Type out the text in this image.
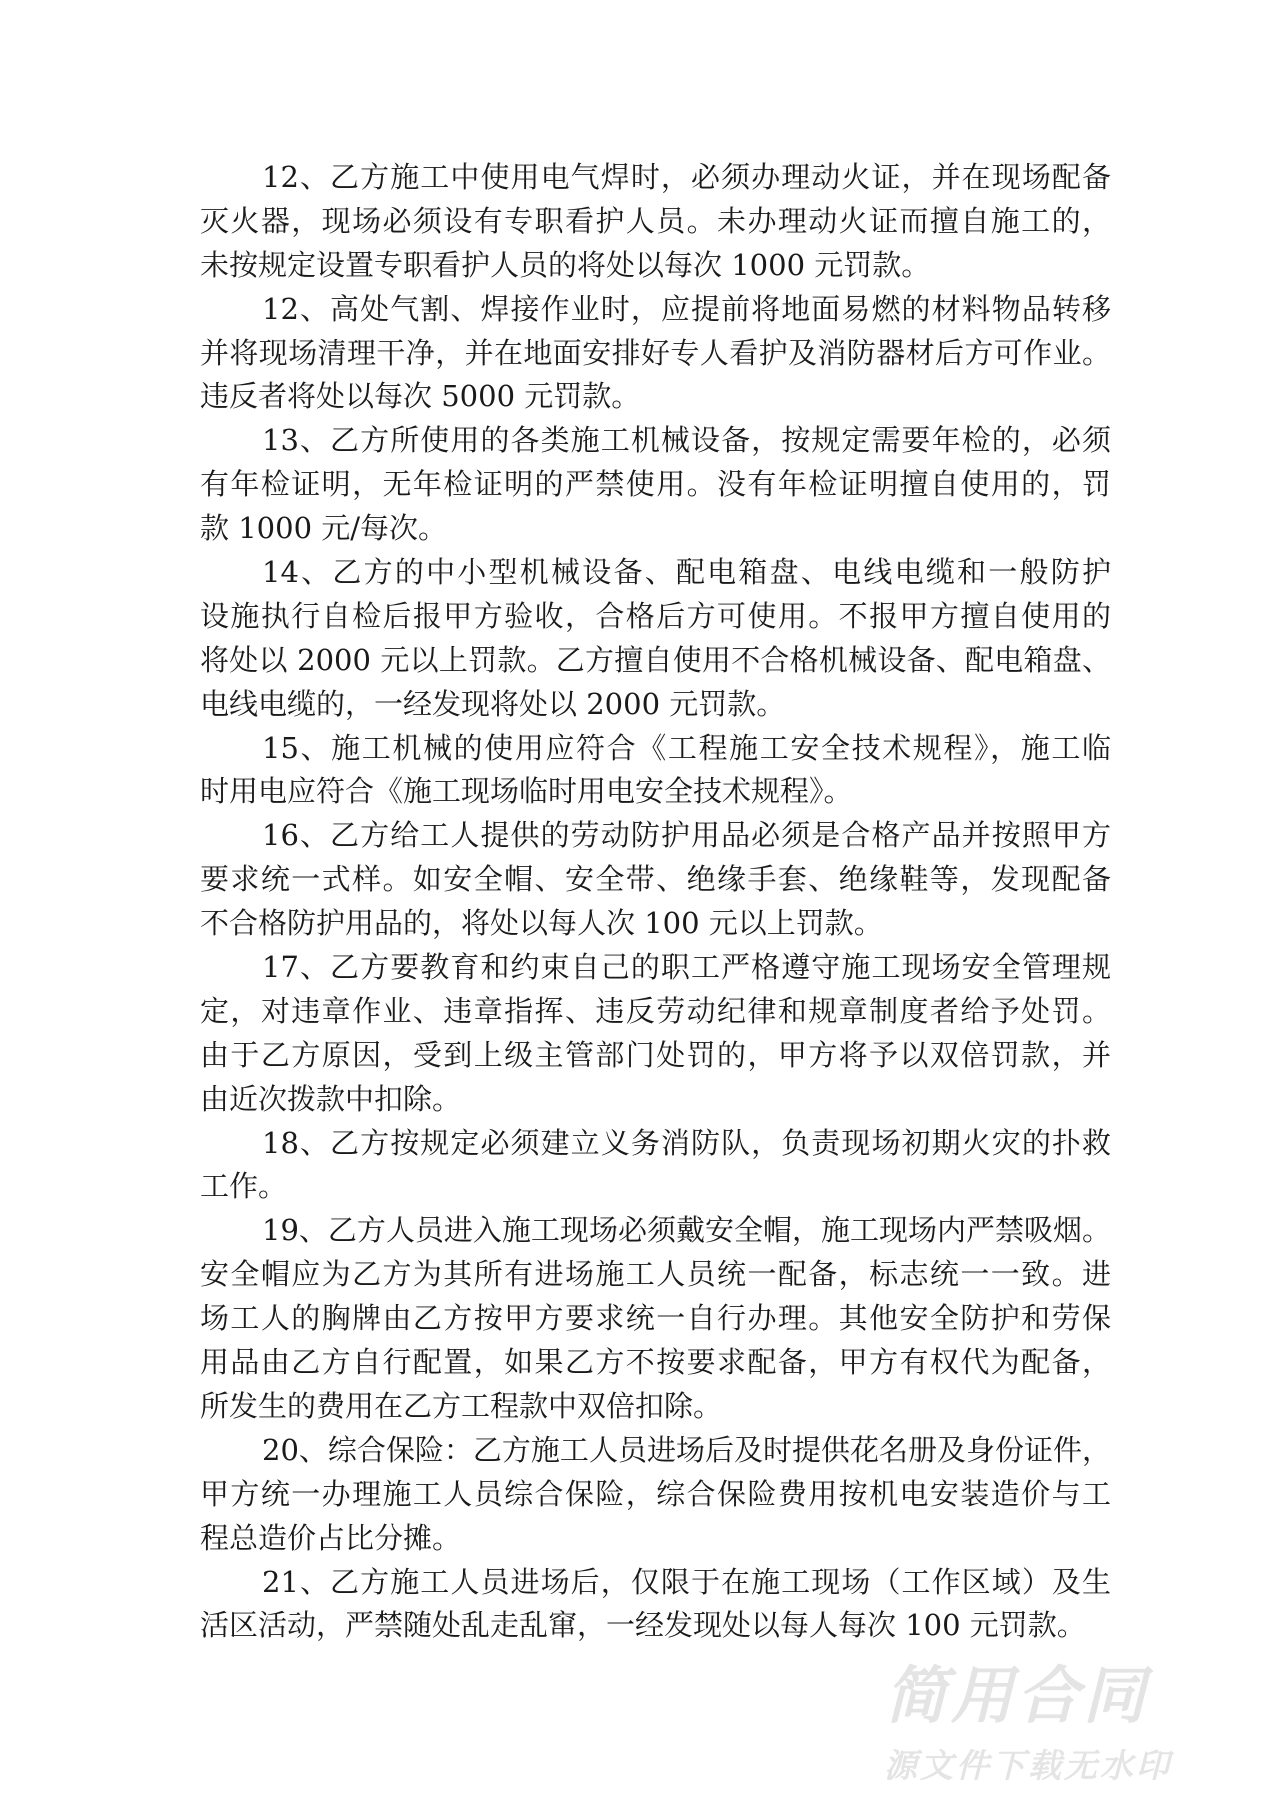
12、乙方施工中使用电气焊时，必须办理动火证，并在现场配备
灭火器，现场必须设有专职看护人员。未办理动火证而擅自施工的，
未按规定设置专职看护人员的将处以每次 1000 元罚款。
12、高处气割、焊接作业时，应提前将地面易燃的材料物品转移
并将现场清理干净，并在地面安排好专人看护及消防器材后方可作业。
违反者将处以每次 5000 元罚款。
13、乙方所使用的各类施工机械设备，按规定需要年检的，必须
有年检证明，无年检证明的严禁使用。没有年检证明擅自使用的，罚
款 1000 元/每次。
14、乙方的中小型机械设备、配电箱盘、电线电缆和一般防护
设施执行自检后报甲方验收，合格后方可使用。不报甲方擅自使用的
将处以 2000 元以上罚款。乙方擅自使用不合格机械设备、配电箱盘、
电线电缆的，一经发现将处以 2000 元罚款。
15、施工机械的使用应符合《工程施工安全技术规程》，施工临
时用电应符合《施工现场临时用电安全技术规程》。
16、乙方给工人提供的劳动防护用品必须是合格产品并按照甲方
要求统一式样。如安全帽、安全带、绝缘手套、绝缘鞋等，发现配备
不合格防护用品的，将处以每人次 100 元以上罚款。
17、乙方要教育和约束自己的职工严格遵守施工现场安全管理规
定，对违章作业、违章指挥、违反劳动纪律和规章制度者给予处罚。
由于乙方原因，受到上级主管部门处罚的，甲方将予以双倍罚款，并
由近次拨款中扣除。
18、乙方按规定必须建立义务消防队，负责现场初期火灾的扑救
工作。
19、乙方人员进入施工现场必须戴安全帽，施工现场内严禁吸烟。
安全帽应为乙方为其所有进场施工人员统一配备，标志统一一致。进
场工人的胸牌由乙方按甲方要求统一自行办理。其他安全防护和劳保
用品由乙方自行配置，如果乙方不按要求配备，甲方有权代为配备，
所发生的费用在乙方工程款中双倍扣除。
20、综合保险：乙方施工人员进场后及时提供花名册及身份证件，
甲方统一办理施工人员综合保险，综合保险费用按机电安装造价与工
程总造价占比分摊。
21、乙方施工人员进场后，仅限于在施工现场（工作区域）及生
活区活动，严禁随处乱走乱窜，一经发现处以每人每次 100 元罚款。
简用合同
源文件下载无水印
